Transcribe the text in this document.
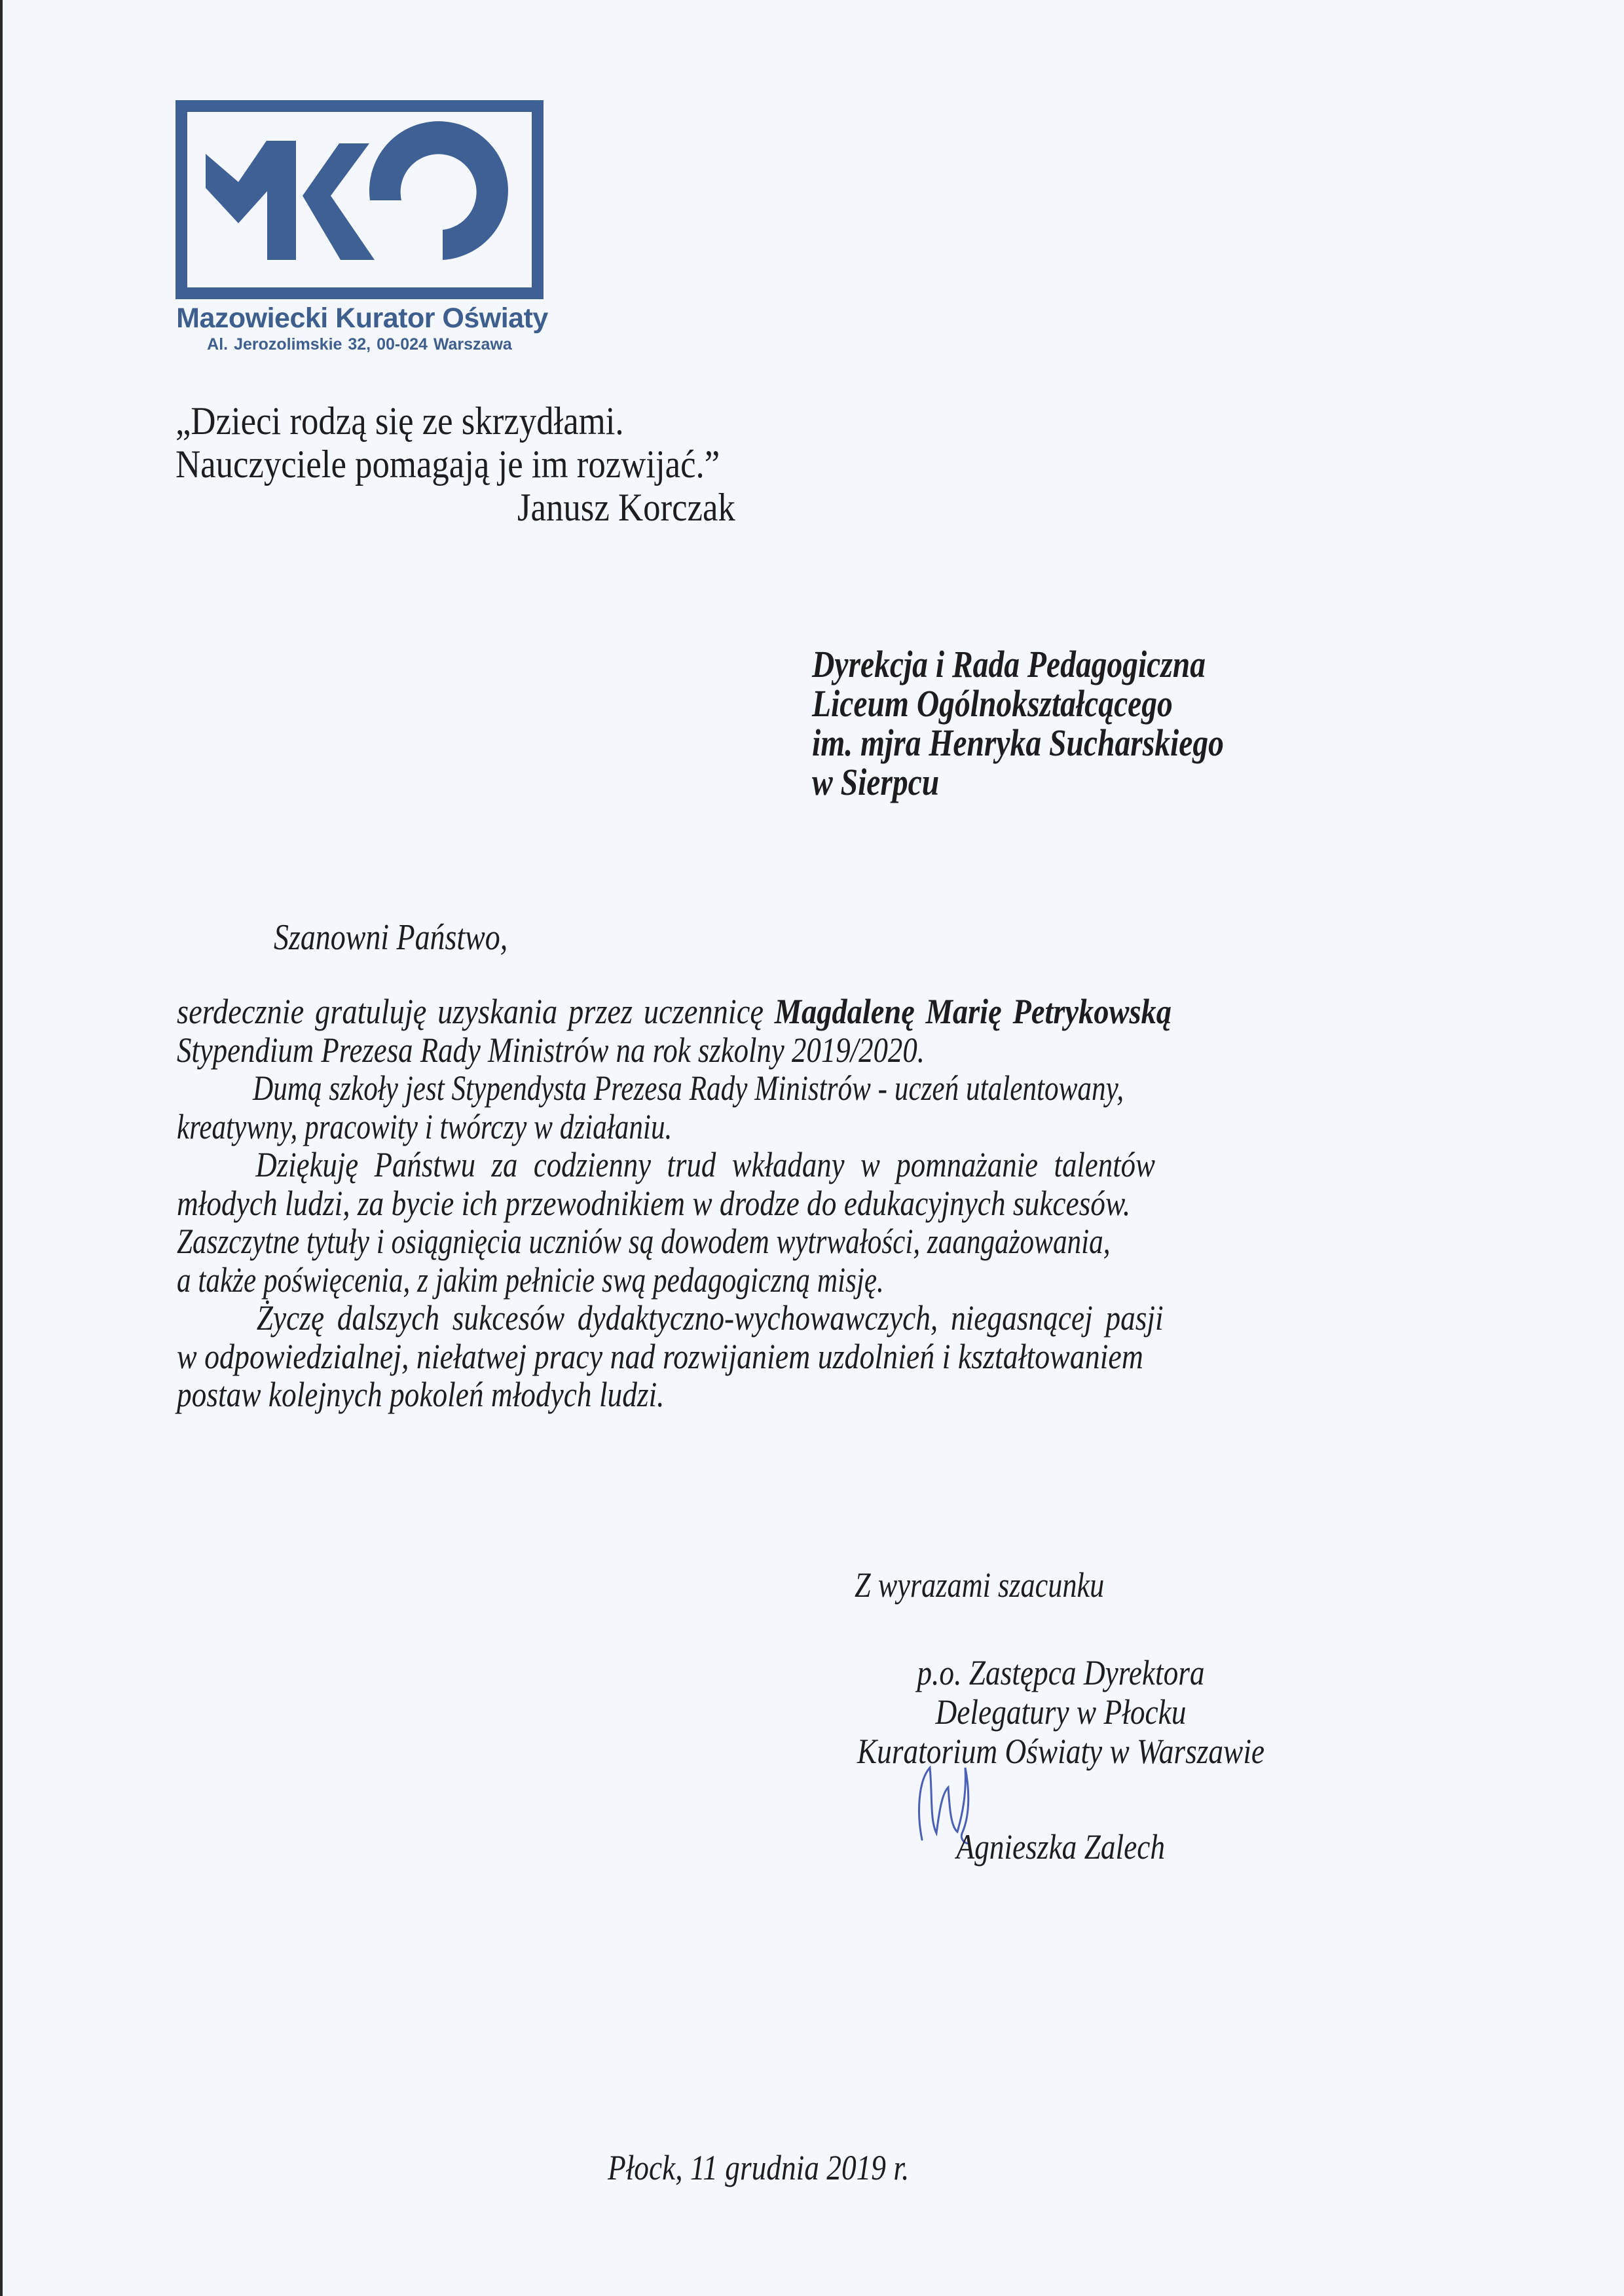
Mazowiecki Kurator Oświaty
Al. Jerozolimskie 32, 00-024 Warszawa
„Dzieci rodzą się ze skrzydłami.
Nauczyciele pomagają je im rozwijać.”
Janusz Korczak
Dyrekcja i Rada Pedagogiczna
Liceum Ogólnokształcącego
im. mjra Henryka Sucharskiego
w Sierpcu
Szanowni Państwo,
serdecznie gratuluję uzyskania przez uczennicę Magdalenę Marię Petrykowską
Stypendium Prezesa Rady Ministrów na rok szkolny 2019/2020.
Dumą szkoły jest Stypendysta Prezesa Rady Ministrów - uczeń utalentowany,
kreatywny, pracowity i twórczy w działaniu.
Dziękuję Państwu za codzienny trud wkładany w pomnażanie talentów
młodych ludzi, za bycie ich przewodnikiem w drodze do edukacyjnych sukcesów.
Zaszczytne tytuły i osiągnięcia uczniów są dowodem wytrwałości, zaangażowania,
a także poświęcenia, z jakim pełnicie swą pedagogiczną misję.
Życzę dalszych sukcesów dydaktyczno-wychowawczych, niegasnącej pasji
w odpowiedzialnej, niełatwej pracy nad rozwijaniem uzdolnień i kształtowaniem
postaw kolejnych pokoleń młodych ludzi.
Z wyrazami szacunku
p.o. Zastępca Dyrektora
Delegatury w Płocku
Kuratorium Oświaty w Warszawie
Agnieszka Zalech
Płock, 11 grudnia 2019 r.
